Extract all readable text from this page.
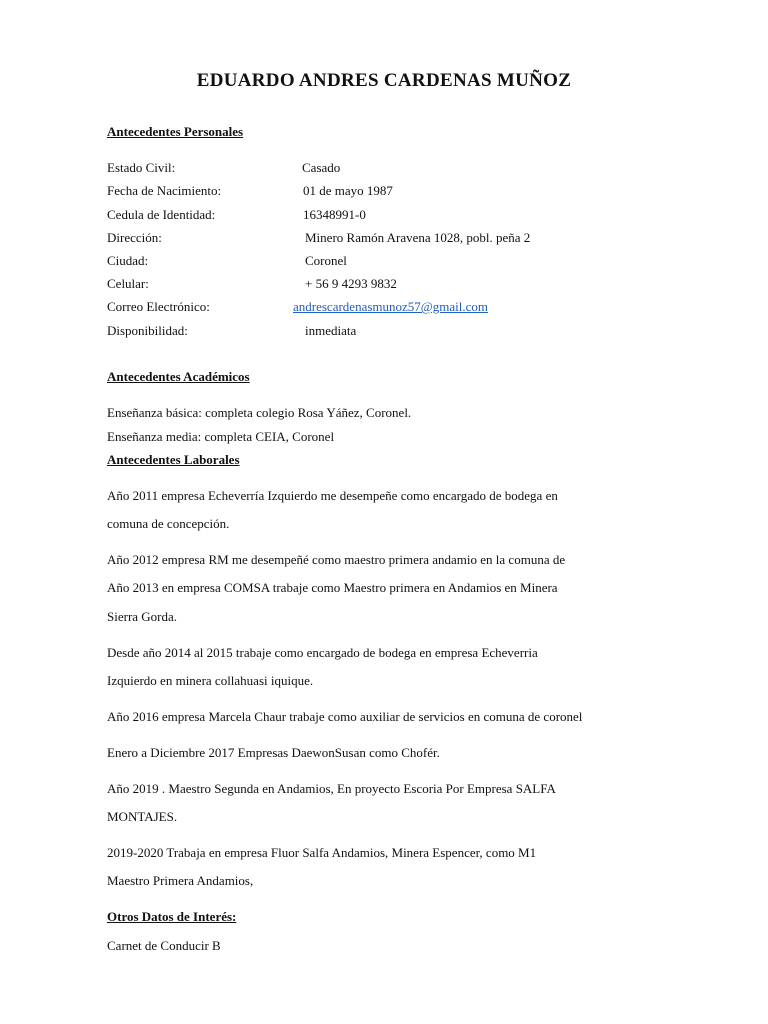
EDUARDO ANDRES CARDENAS MUÑOZ
Antecedentes Personales
Estado Civil:	Casado
Fecha de Nacimiento:	01 de mayo 1987
Cedula de Identidad:	16348991-0
Dirección:	Minero Ramón Aravena 1028, pobl. peña 2
Ciudad:	Coronel
Celular:	+ 56 9 4293 9832
Correo Electrónico:	andrescardenasmunoz57@gmail.com
Disponibilidad:	inmediata
Antecedentes Académicos
Enseñanza básica: completa colegio Rosa Yáñez, Coronel.
Enseñanza media: completa CEIA, Coronel
Antecedentes Laborales
Año 2011 empresa Echeverría Izquierdo me desempeñe como encargado de bodega en
comuna de concepción.
Año 2012 empresa RM me desempeñé como maestro primera andamio en la comuna de
Año 2013 en empresa COMSA trabaje como Maestro primera en Andamios en Minera
Sierra Gorda.
Desde año 2014 al 2015 trabaje como encargado de bodega en empresa Echeverria
Izquierdo en minera collahuasi iquique.
Año 2016 empresa Marcela Chaur trabaje como auxiliar de servicios en comuna de coronel
Enero a Diciembre 2017 Empresas DaewonSusan como Chofér.
Año 2019 . Maestro Segunda en Andamios, En proyecto Escoria Por Empresa SALFA
MONTAJES.
2019-2020 Trabaja en empresa Fluor Salfa Andamios, Minera Espencer, como M1
Maestro Primera Andamios,
Otros Datos de Interés:
Carnet de Conducir B
